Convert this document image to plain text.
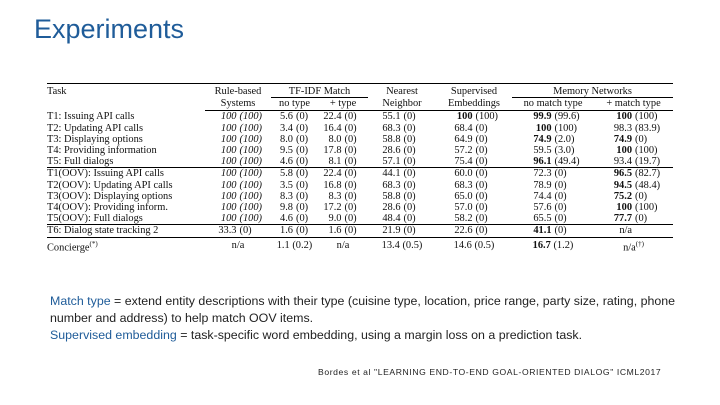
Experiments
Task	Rule-based	TF-IDF Match		Nearest	Supervised	Memory Networks	
	Systems	no type	+ type	Neighbor	Embeddings	no match type	+ match type
T1: Issuing API calls	100 (100)	5.6 (0)	22.4 (0)	55.1 (0)	100 (100)	99.9 (99.6)	100 (100)

T2: Updating API calls	100 (100)	3.4 (0)	16.4 (0)	68.3 (0)	68.4 (0)	100 (100)	98.3 (83.9)

T3: Displaying options	100 (100)	8.0 (0)	8.0 (0)	58.8 (0)	64.9 (0)	74.9 (2.0)	74.9 (0)

T4: Providing information	100 (100)	9.5 (0)	17.8 (0)	28.6 (0)	57.2 (0)	59.5 (3.0)	100 (100)

T5: Full dialogs	100 (100)	4.6 (0)	8.1 (0)	57.1 (0)	75.4 (0)	96.1 (49.4)	93.4 (19.7)

T1(OOV): Issuing API calls	100 (100)	5.8 (0)	22.4 (0)	44.1 (0)	60.0 (0)	72.3 (0)	96.5 (82.7)

T2(OOV): Updating API calls	100 (100)	3.5 (0)	16.8 (0)	68.3 (0)	68.3 (0)	78.9 (0)	94.5 (48.4)

T3(OOV): Displaying options	100 (100)	8.3 (0)	8.3 (0)	58.8 (0)	65.0 (0)	74.4 (0)	75.2 (0)

T4(OOV): Providing inform.	100 (100)	9.8 (0)	17.2 (0)	28.6 (0)	57.0 (0)	57.6 (0)	100 (100)

T5(OOV): Full dialogs	100 (100)	4.6 (0)	9.0 (0)	48.4 (0)	58.2 (0)	65.5 (0)	77.7 (0)

T6: Dialog state tracking 2	33.3 (0)	1.6 (0)	1.6 (0)	21.9 (0)	22.6 (0)	41.1 (0)	n/a

Concierge(*)	n/a	1.1 (0.2)	n/a	13.4 (0.5)	14.6 (0.5)	16.7 (1.2)	n/a(†)
Match type = extend entity descriptions with their type (cuisine type, location, price range, party size, rating, phone number and address) to help match OOV items.
Supervised embedding = task-specific word embedding, using a margin loss on a prediction task.
Bordes et al "LEARNING END-TO-END GOAL-ORIENTED DIALOG" ICML2017
